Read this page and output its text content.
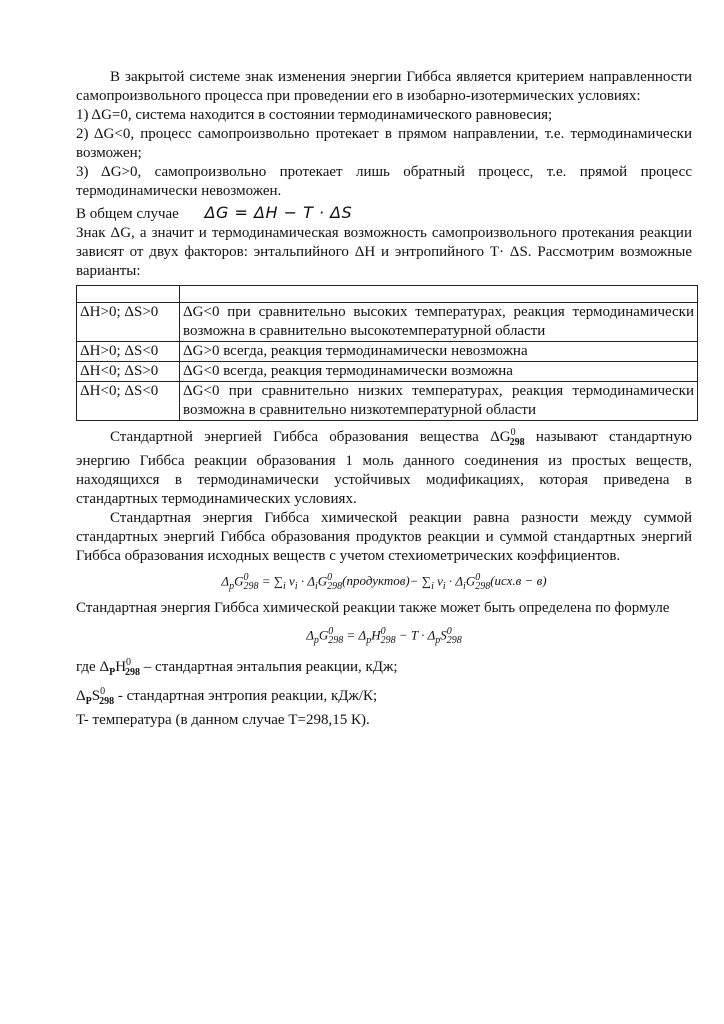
В закрытой системе знак изменения энергии Гиббса является критерием направленности самопроизвольного процесса при проведении его в изобарно-изотермических условиях:

1) ΔG=0, система находится в состоянии термодинамического равновесия;

2) ΔG<0, процесс самопроизвольно протекает в прямом направлении, т.е. термодинамически возможен;

3) ΔG>0, самопроизвольно протекает лишь обратный процесс, т.е. прямой процесс термодинамически невозможен.

В общем случае ΔG = ΔH − T · ΔS

Знак ΔG, а значит и термодинамическая возможность самопроизвольного протекания реакции зависят от двух факторов: энтальпийного ΔH и энтропийного T· ΔS. Рассмотрим возможные варианты:

ΔH>0; ΔS>0	ΔG<0 при сравнительно высоких температурах, реакция термодинамически возможна в сравнительно высокотемпературной области
ΔH>0; ΔS<0	ΔG>0 всегда, реакция термодинамически невозможна
ΔH<0; ΔS>0	ΔG<0 всегда, реакция термодинамически возможна
ΔH<0; ΔS<0	ΔG<0 при сравнительно низких температурах, реакция термодинамически возможна в сравнительно низкотемпературной области

Стандартной энергией Гиббса образования вещества $\Delta G^0_{298}$ называют стандартную энергию Гиббса реакции образования 1 моль данного соединения из простых веществ, находящихся в термодинамически устойчивых модификациях, которая приведена в стандартных термодинамических условиях.

Стандартная энергия Гиббса химической реакции равна разности между суммой стандартных энергий Гиббса образования продуктов реакции и суммой стандартных энергий Гиббса образования исходных веществ с учетом стехиометрических коэффициентов.

$\Delta_pG^0_{298} = \sum_i$ $\nu_i$ · $\Delta_iG^0_{298}(продуктов)- \sum_i$ $\nu_i \cdot \Delta_iG^0_{298}(исх.в - в)$

Стандартная энергия Гиббса химической реакции также может быть определена по формуле

$\Delta_pG^0_{298} = \Delta_pH^0_{298} - T \cdot \Delta_pS^0_{298}$

где $\Delta_PH^0_{298}$ – стандартная энтальпия реакции, кДж;

$\Delta_PS^0_{298}$ - стандартная энтропия реакции, кДж/К;

T- температура (в данном случае T=298,15 К).
